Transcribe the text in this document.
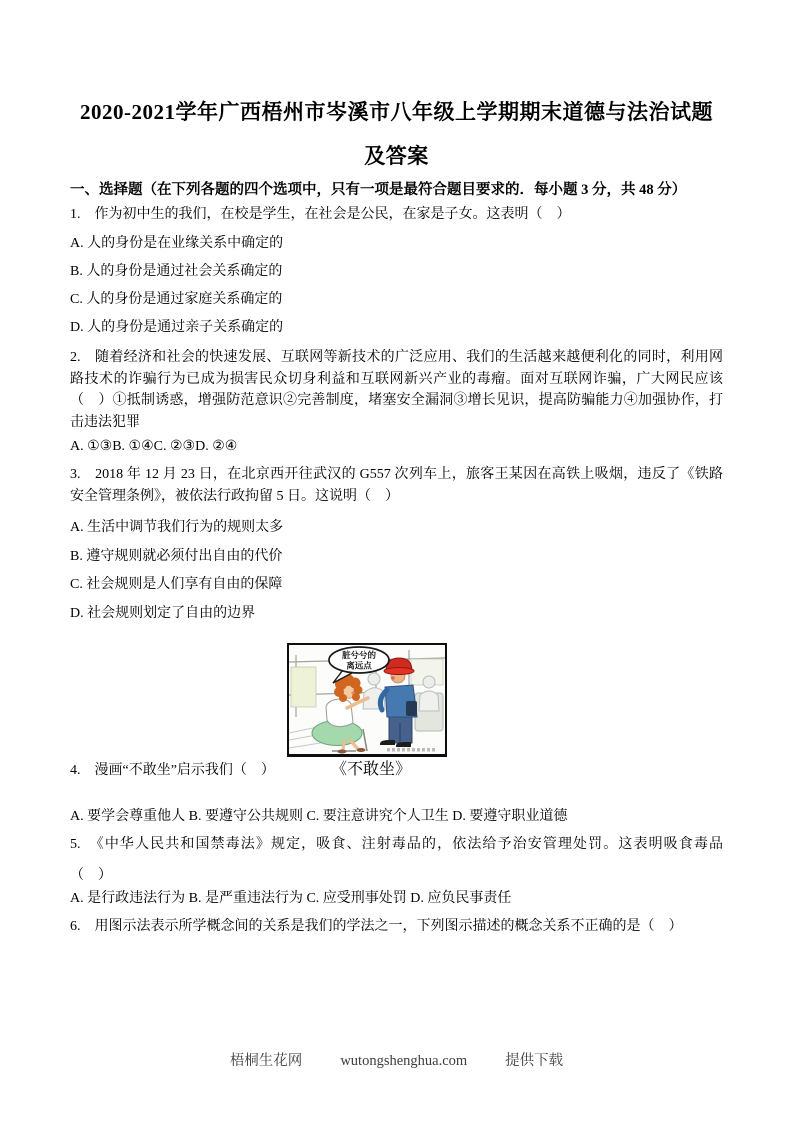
2020-2021学年广西梧州市岑溪市八年级上学期期末道德与法治试题
及答案
一、选择题（在下列各题的四个选项中，只有一项是最符合题目要求的．每小题 3 分，共 48 分）
1.　作为初中生的我们，在校是学生，在社会是公民，在家是子女。这表明（　）
A. 人的身份是在业缘关系中确定的
B. 人的身份是通过社会关系确定的
C. 人的身份是通过家庭关系确定的
D. 人的身份是通过亲子关系确定的
2.　随着经济和社会的快速发展、互联网等新技术的广泛应用、我们的生活越来越便利化的同时，利用网
路技术的诈骗行为已成为损害民众切身利益和互联网新兴产业的毒瘤。面对互联网诈骗，广大网民应该
（　）①抵制诱惑，增强防范意识②完善制度，堵塞安全漏洞③增长见识，提高防骗能力④加强协作，打
击违法犯罪
A. ①③B. ①④C. ②③D. ②④
3.　2018 年 12 月 23 日，在北京西开往武汉的 G557 次列车上，旅客王某因在高铁上吸烟，违反了《铁路
安全管理条例》，被依法行政拘留 5 日。这说明（　）
A. 生活中调节我们行为的规则太多
B. 遵守规则就必须付出自由的代价
C. 社会规则是人们享有自由的保障
D. 社会规则划定了自由的边界
脏兮兮的
离远点
4.　漫画“不敢坐”启示我们（　）	《不敢坐》
A. 要学会尊重他人 B. 要遵守公共规则 C. 要注意讲究个人卫生 D. 要遵守职业道德
5.　《中华人民共和国禁毒法》规定，吸食、注射毒品的，依法给予治安管理处罚。这表明吸食毒品
（　）
A. 是行政违法行为 B. 是严重违法行为 C. 应受刑事处罚 D. 应负民事责任
6.　用图示法表示所学概念间的关系是我们的学法之一，下列图示描述的概念关系不正确的是（　）
梧桐生花网	wutongshenghua.com	提供下载
